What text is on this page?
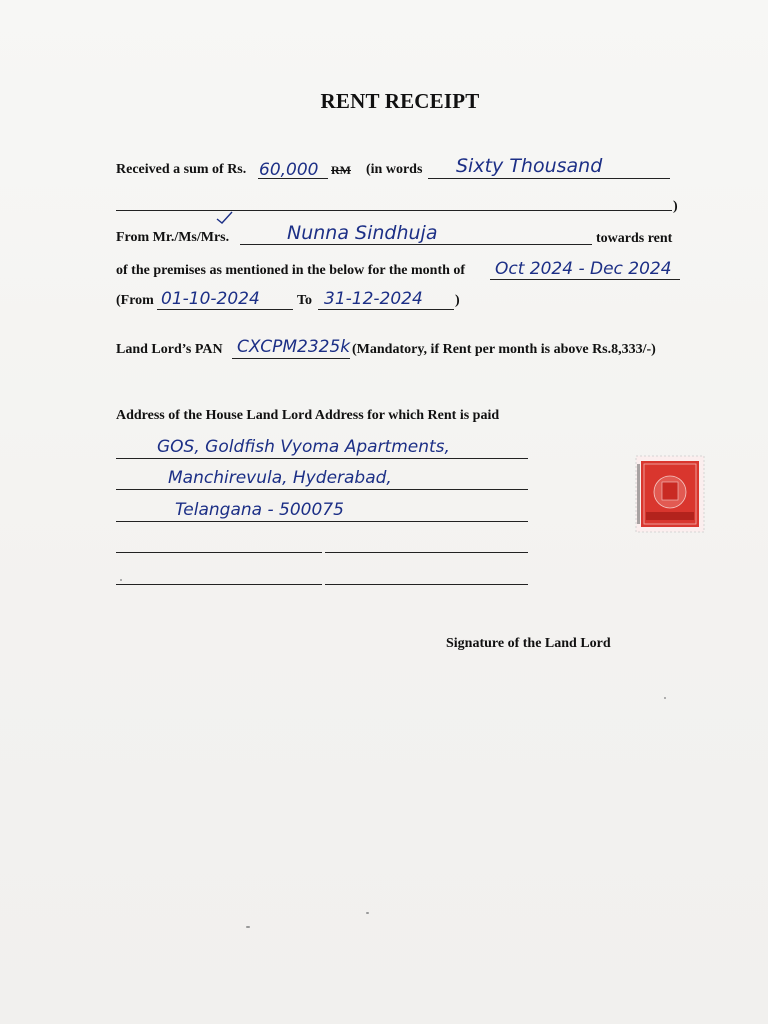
RENT RECEIPT
Received a sum of Rs. 60,000 RM (in words Sixty Thousand
)
From Mr./Ms/Mrs.	Nunna Sindhuja	towards rent
of the premises as mentioned in the below for the month of Oct 2024 - Dec 2024
(From 01-10-2024	To 31-12-2024 )
Land Lord’s PAN CXCPM2325k (Mandatory, if Rent per month is above Rs.8,333/-)
Address of the House Land Lord Address for which Rent is paid
GOS, Goldfish Vyoma Apartments,
Manchirevula, Hyderabad,
Telangana - 500075
Signature of the Land Lord
